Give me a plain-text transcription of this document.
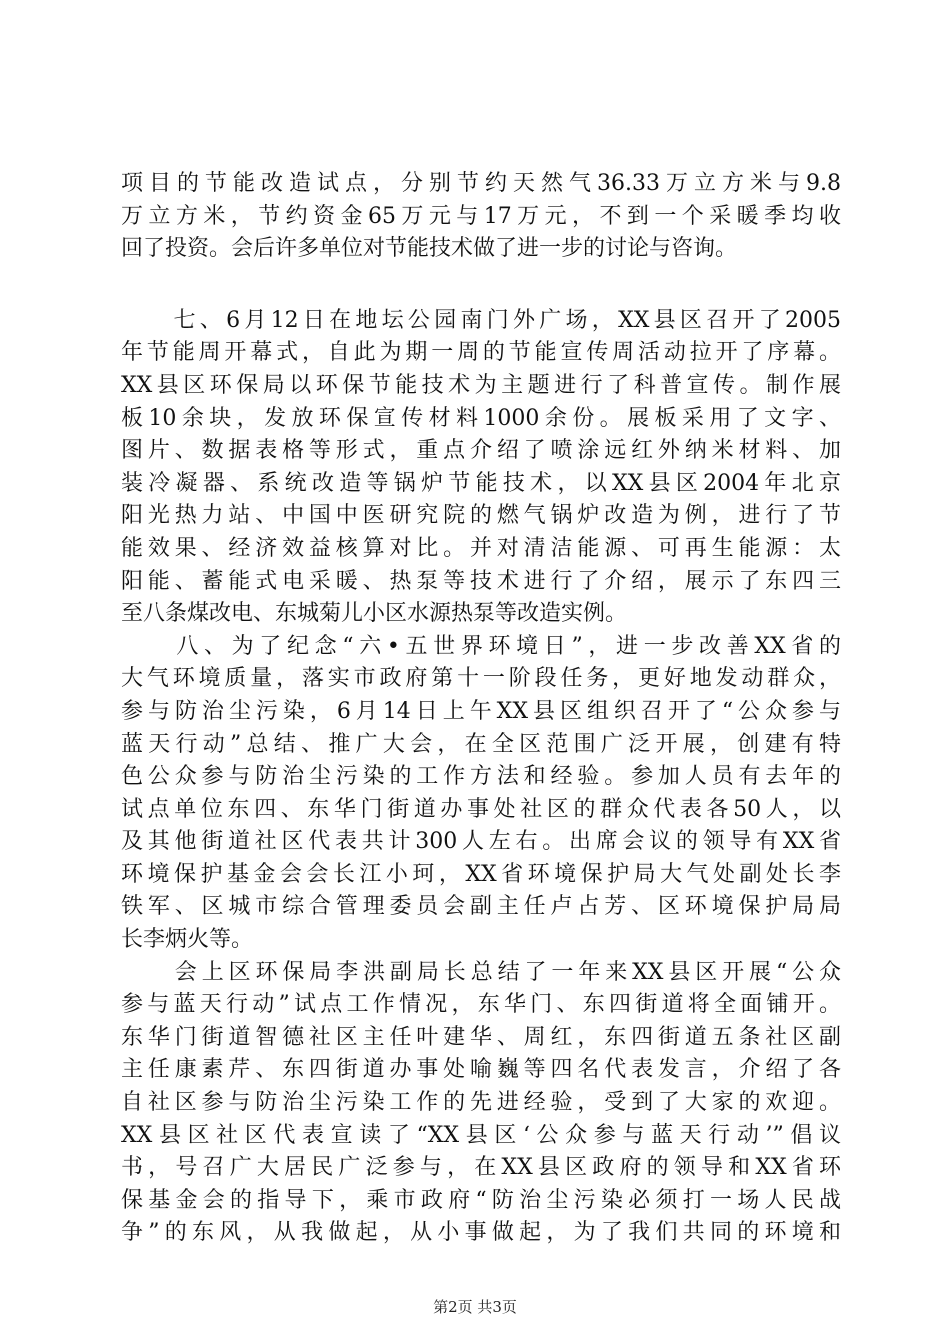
项目的节能改造试点，分别节约天然气36.33万立方米与9.8
万立方米，节约资金65万元与17万元，不到一个采暖季均收
回了投资。会后许多单位对节能技术做了进一步的讨论与咨询。
　　七、6月12日在地坛公园南门外广场，XX县区召开了2005
年节能周开幕式，自此为期一周的节能宣传周活动拉开了序幕。
XX县区环保局以环保节能技术为主题进行了科普宣传。制作展
板10余块，发放环保宣传材料1000余份。展板采用了文字、
图片、数据表格等形式，重点介绍了喷涂远红外纳米材料、加
装冷凝器、系统改造等锅炉节能技术，以XX县区2004年北京
阳光热力站、中国中医研究院的燃气锅炉改造为例，进行了节
能效果、经济效益核算对比。并对清洁能源、可再生能源：太
阳能、蓄能式电采暖、热泵等技术进行了介绍，展示了东四三
至八条煤改电、东城菊儿小区水源热泵等改造实例。
　　八、为了纪念“六•五世界环境日”，进一步改善XX省的
大气环境质量，落实市政府第十一阶段任务，更好地发动群众，
参与防治尘污染，6月14日上午XX县区组织召开了“公众参与
蓝天行动”总结、推广大会，在全区范围广泛开展，创建有特
色公众参与防治尘污染的工作方法和经验。参加人员有去年的
试点单位东四、东华门街道办事处社区的群众代表各50人，以
及其他街道社区代表共计300人左右。出席会议的领导有XX省
环境保护基金会会长江小珂，XX省环境保护局大气处副处长李
铁军、区城市综合管理委员会副主任卢占芳、区环境保护局局
长李炳火等。
　　会上区环保局李洪副局长总结了一年来XX县区开展“公众
参与蓝天行动”试点工作情况，东华门、东四街道将全面铺开。
东华门街道智德社区主任叶建华、周红，东四街道五条社区副
主任康素芹、东四街道办事处喻巍等四名代表发言，介绍了各
自社区参与防治尘污染工作的先进经验，受到了大家的欢迎。
XX县区社区代表宣读了“XX县区‘公众参与蓝天行动’”倡议
书，号召广大居民广泛参与，在XX县区政府的领导和XX省环
保基金会的指导下，乘市政府“防治尘污染必须打一场人民战
争”的东风，从我做起，从小事做起，为了我们共同的环境和
第2页 共3页
